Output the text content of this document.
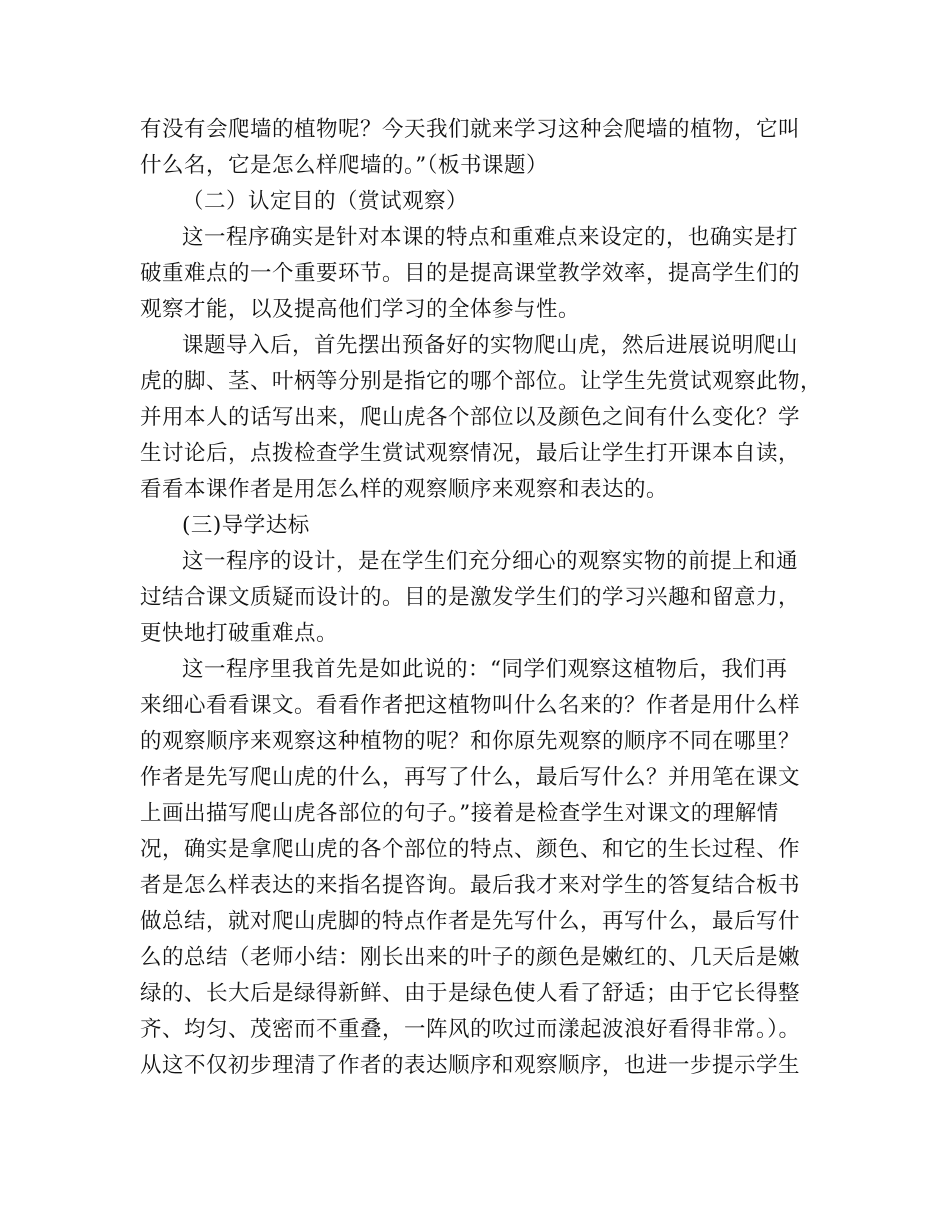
有没有会爬墙的植物呢？今天我们就来学习这种会爬墙的植物，它叫
什么名，它是怎么样爬墙的。”（板书课题）
（二）认定目的（赏试观察）
这一程序确实是针对本课的特点和重难点来设定的，也确实是打
破重难点的一个重要环节。目的是提高课堂教学效率，提高学生们的
观察才能，以及提高他们学习的全体参与性。
课题导入后，首先摆出预备好的实物爬山虎，然后进展说明爬山
虎的脚、茎、叶柄等分别是指它的哪个部位。让学生先赏试观察此物，
并用本人的话写出来，爬山虎各个部位以及颜色之间有什么变化？学
生讨论后，点拨检查学生赏试观察情况，最后让学生打开课本自读，
看看本课作者是用怎么样的观察顺序来观察和表达的。
(三)导学达标
这一程序的设计，是在学生们充分细心的观察实物的前提上和通
过结合课文质疑而设计的。目的是激发学生们的学习兴趣和留意力，
更快地打破重难点。
这一程序里我首先是如此说的：“同学们观察这植物后，我们再
来细心看看课文。看看作者把这植物叫什么名来的？作者是用什么样
的观察顺序来观察这种植物的呢？和你原先观察的顺序不同在哪里？
作者是先写爬山虎的什么，再写了什么，最后写什么？并用笔在课文
上画出描写爬山虎各部位的句子。”接着是检查学生对课文的理解情
况，确实是拿爬山虎的各个部位的特点、颜色、和它的生长过程、作
者是怎么样表达的来指名提咨询。最后我才来对学生的答复结合板书
做总结，就对爬山虎脚的特点作者是先写什么，再写什么，最后写什
么的总结（老师小结：刚长出来的叶子的颜色是嫩红的、几天后是嫩
绿的、长大后是绿得新鲜、由于是绿色使人看了舒适；由于它长得整
齐、均匀、茂密而不重叠，一阵风的吹过而漾起波浪好看得非常。）。
从这不仅初步理清了作者的表达顺序和观察顺序，也进一步提示学生
